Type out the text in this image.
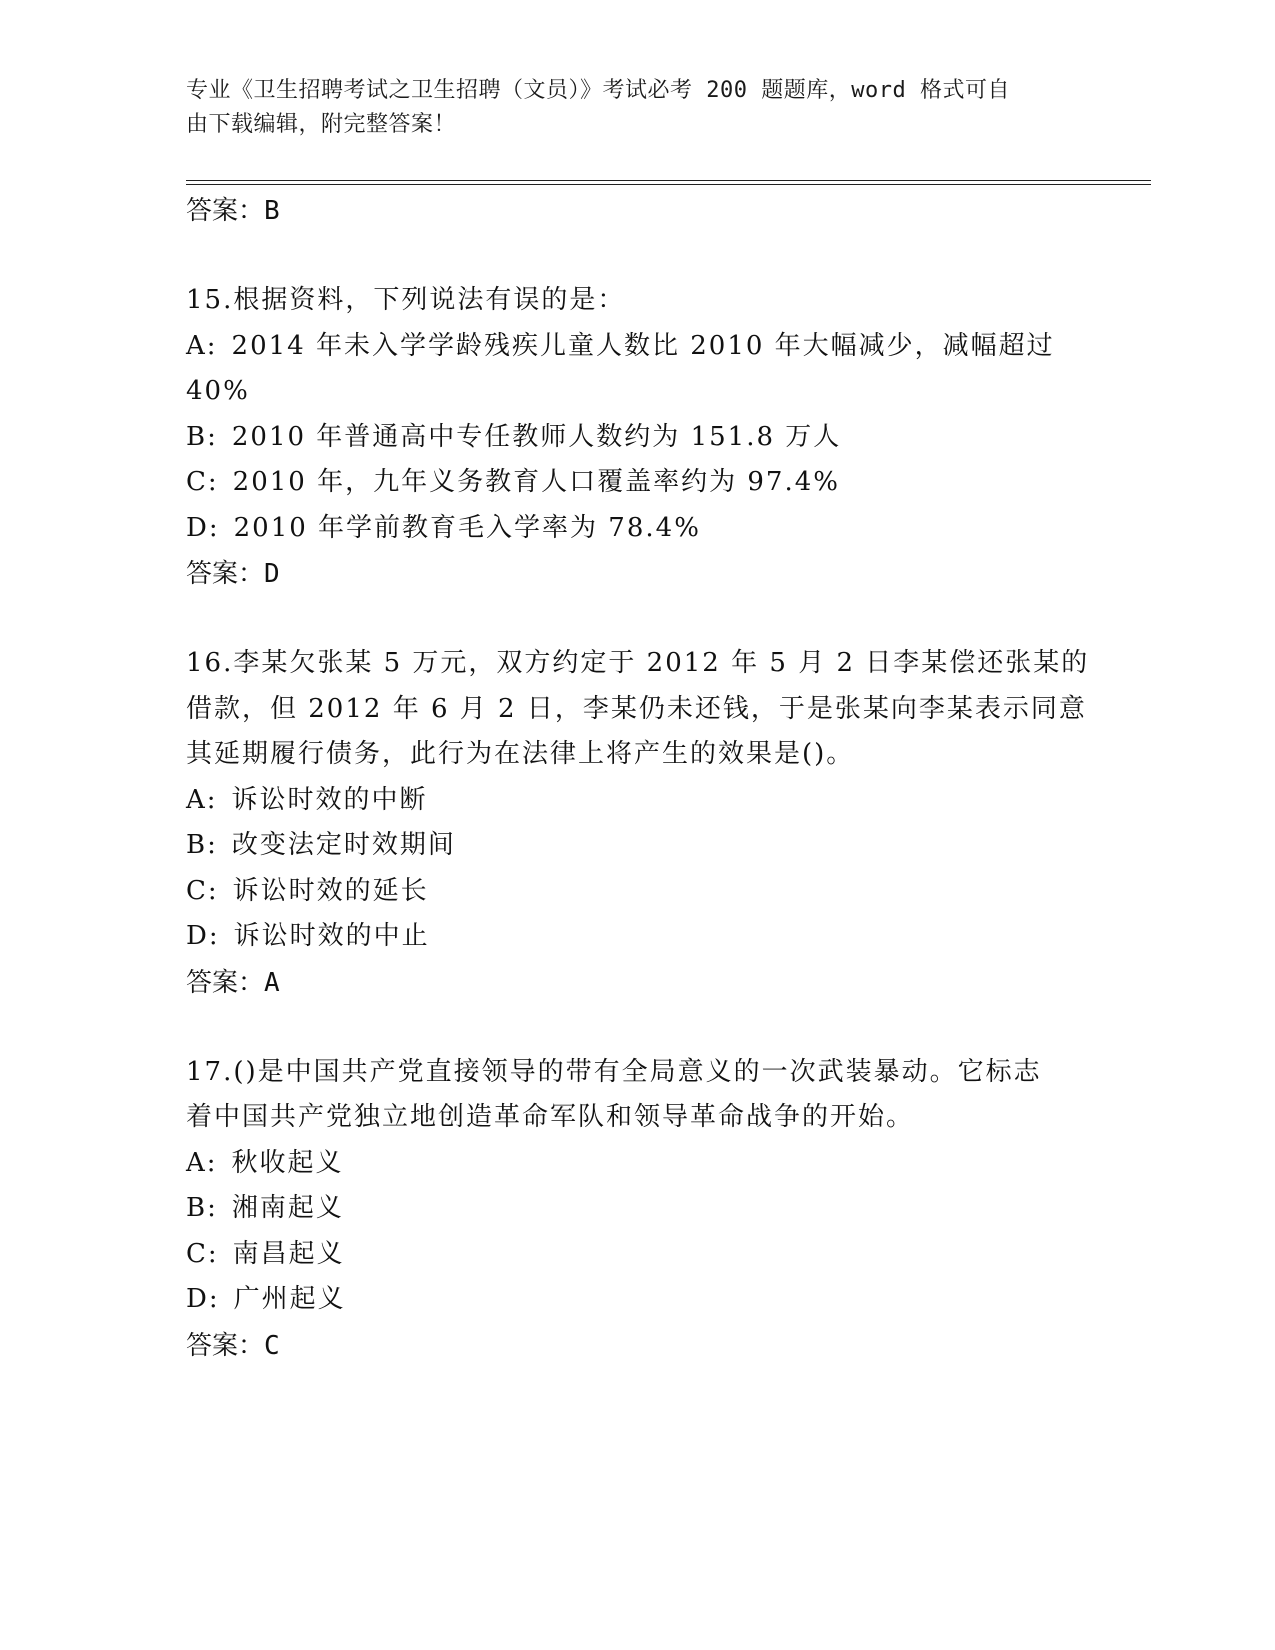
专业《卫生招聘考试之卫生招聘（文员）》考试必考 200 题题库，word 格式可自
由下载编辑，附完整答案！

答案：B

15.根据资料，下列说法有误的是：

A: 2014 年未入学学龄残疾儿童人数比 2010 年大幅减少，减幅超过

40%

B: 2010 年普通高中专任教师人数约为 151.8 万人

C: 2010 年，九年义务教育人口覆盖率约为 97.4%

D: 2010 年学前教育毛入学率为 78.4%

答案：D

16.李某欠张某 5 万元，双方约定于 2012 年 5 月 2 日李某偿还张某的

借款，但 2012 年 6 月 2 日，李某仍未还钱，于是张某向李某表示同意

其延期履行债务，此行为在法律上将产生的效果是()。

A: 诉讼时效的中断

B: 改变法定时效期间

C: 诉讼时效的延长

D: 诉讼时效的中止

答案：A

17.()是中国共产党直接领导的带有全局意义的一次武装暴动。它标志

着中国共产党独立地创造革命军队和领导革命战争的开始。

A: 秋收起义

B: 湘南起义

C: 南昌起义

D: 广州起义

答案：C
